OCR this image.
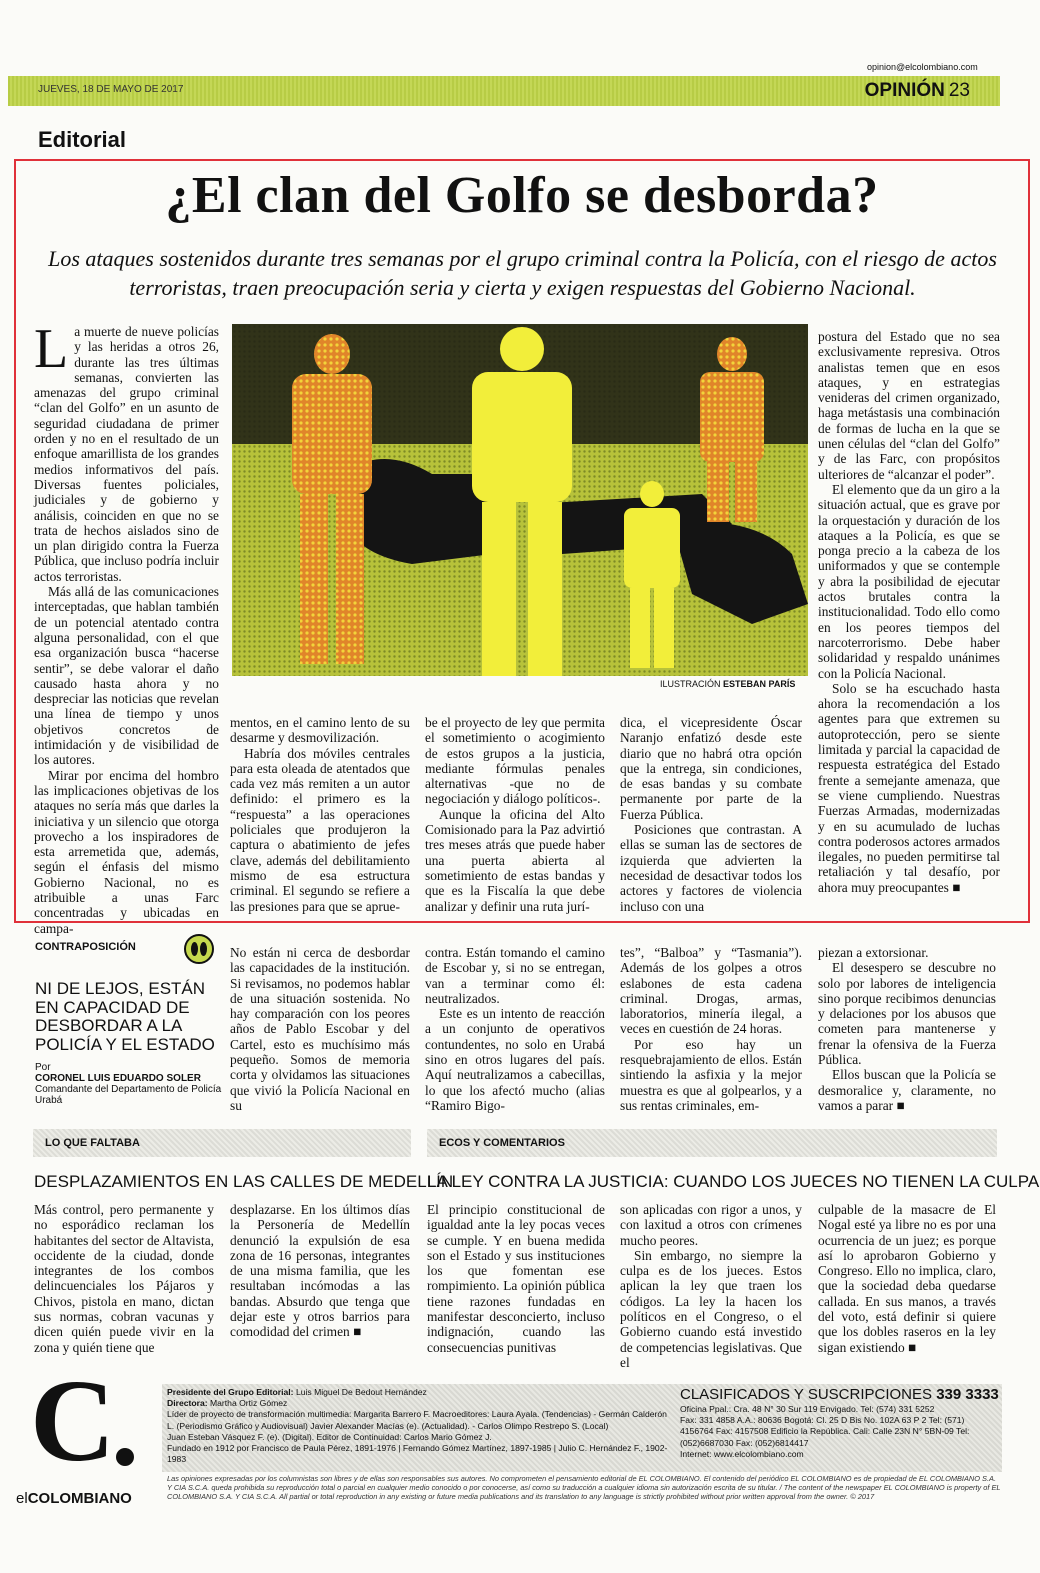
opinion@elcolombiano.com
JUEVES, 18 DE MAYO DE 2017	OPINIÓN 23
Editorial
¿El clan del Golfo se desborda?
Los ataques sostenidos durante tres semanas por el grupo criminal contra la Policía, con el riesgo de actos terroristas, traen preocupación seria y cierta y exigen respuestas del Gobierno Nacional.

La muerte de nueve policías y las heridas a otros 26, durante las tres últimas semanas, convierten las amenazas del grupo criminal “clan del Golfo” en un asunto de seguridad ciudadana de primer orden y no en el resultado de un enfoque amarillista de los grandes medios informativos del país. Diversas fuentes policiales, judiciales y de gobierno y análisis, coinciden en que no se trata de hechos aislados sino de un plan dirigido contra la Fuerza Pública, que incluso podría incluir actos terroristas.

Más allá de las comunicaciones interceptadas, que hablan también de un potencial atentado contra alguna personalidad, con el que esa organización busca “hacerse sentir”, se debe valorar el daño causado hasta ahora y no despreciar las noticias que revelan una línea de tiempo y unos objetivos concretos de intimidación y de visibilidad de los autores.

Mirar por encima del hombro las implicaciones objetivas de los ataques no sería más que darles la iniciativa y un silencio que otorga provecho a los inspiradores de esta arremetida que, además, según el énfasis del mismo Gobierno Nacional, no es atribuible a unas Farc concentradas y ubicadas en campa-

ILUSTRACIÓN ESTEBAN PARÍS

mentos, en el camino lento de su desarme y desmovilización.

Habría dos móviles centrales para esta oleada de atentados que cada vez más remiten a un autor definido: el primero es la “respuesta” a las operaciones policiales que produjeron la captura o abatimiento de jefes clave, además del debilitamiento mismo de esa estructura criminal. El segundo se refiere a las presiones para que se aprue-

be el proyecto de ley que permita el sometimiento o acogimiento de estos grupos a la justicia, mediante fórmulas penales alternativas -que no de negociación y diálogo políticos-.

Aunque la oficina del Alto Comisionado para la Paz advirtió tres meses atrás que puede haber una puerta abierta al sometimiento de estas bandas y que es la Fiscalía la que debe analizar y definir una ruta jurí-

dica, el vicepresidente Óscar Naranjo enfatizó desde este diario que no habrá otra opción que la entrega, sin condiciones, de esas bandas y su combate permanente por parte de la Fuerza Pública.

Posiciones que contrastan. A ellas se suman las de sectores de izquierda que advierten la necesidad de desactivar todos los actores y factores de violencia incluso con una

postura del Estado que no sea exclusivamente represiva. Otros analistas temen que en esos ataques, y en estrategias venideras del crimen organizado, haga metástasis una combinación de formas de lucha en la que se unen células del “clan del Golfo” y de las Farc, con propósitos ulteriores de “alcanzar el poder”.

El elemento que da un giro a la situación actual, que es grave por la orquestación y duración de los ataques a la Policía, es que se ponga precio a la cabeza de los uniformados y que se contemple y abra la posibilidad de ejecutar actos brutales contra la institucionalidad. Todo ello como en los peores tiempos del narcoterrorismo. Debe haber solidaridad y respaldo unánimes con la Policía Nacional.

Solo se ha escuchado hasta ahora la recomendación a los agentes para que extremen su autoprotección, pero se siente limitada y parcial la capacidad de respuesta estratégica del Estado frente a semejante amenaza, que se viene cumpliendo. Nuestras Fuerzas Armadas, modernizadas y en su acumulado de luchas contra poderosos actores armados ilegales, no pueden permitirse tal retaliación y tal desafío, por ahora muy preocupantes ■

CONTRAPOSICIÓN
NI DE LEJOS, ESTÁN EN CAPACIDAD DE DESBORDAR A LA POLICÍA Y EL ESTADO
Por
CORONEL LUIS EDUARDO SOLER
Comandante del Departamento de Policía Urabá

No están ni cerca de desbordar las capacidades de la institución. Si revisamos, no podemos hablar de una situación sostenida. No hay comparación con los peores años de Pablo Escobar y del Cartel, esto es muchísimo más pequeño. Somos de memoria corta y olvidamos las situaciones que vivió la Policía Nacional en su

contra. Están tomando el camino de Escobar y, si no se entregan, van a terminar como él: neutralizados.

Este es un intento de reacción a un conjunto de operativos contundentes, no solo en Urabá sino en otros lugares del país. Aquí neutralizamos a cabecillas, lo que los afectó mucho (alias “Ramiro Bigo-

tes”, “Balboa” y “Tasmania”). Además de los golpes a otros eslabones de esta cadena criminal. Drogas, armas, laboratorios, minería ilegal, a veces en cuestión de 24 horas.

Por eso hay un resquebrajamiento de ellos. Están sintiendo la asfixia y la mejor muestra es que al golpearlos, y a sus rentas criminales, em-

piezan a extorsionar.

El desespero se descubre no solo por labores de inteligencia sino porque recibimos denuncias y delaciones por los abusos que cometen para mantenerse y frenar la ofensiva de la Fuerza Pública.

Ellos buscan que la Policía se desmoralice y, claramente, no vamos a parar ■

LO QUE FALTABA
DESPLAZAMIENTOS EN LAS CALLES DE MEDELLÍN

Más control, pero permanente y no esporádico reclaman los habitantes del sector de Altavista, occidente de la ciudad, donde integrantes de los combos delincuenciales los Pájaros y Chivos, pistola en mano, dictan sus normas, cobran vacunas y dicen quién puede vivir en la zona y quién tiene que

desplazarse. En los últimos días la Personería de Medellín denunció la expulsión de esa zona de 16 personas, integrantes de una misma familia, que les resultaban incómodas a las bandas. Absurdo que tenga que dejar este y otros barrios para comodidad del crimen ■

ECOS Y COMENTARIOS
LA LEY CONTRA LA JUSTICIA: CUANDO LOS JUECES NO TIENEN LA CULPA

El principio constitucional de igualdad ante la ley pocas veces se cumple. Y en buena medida son el Estado y sus instituciones los que fomentan ese rompimiento. La opinión pública tiene razones fundadas en manifestar desconcierto, incluso indignación, cuando las consecuencias punitivas

son aplicadas con rigor a unos, y con laxitud a otros con crímenes mucho peores.

Sin embargo, no siempre la culpa es de los jueces. Estos aplican la ley que traen los códigos. La ley la hacen los políticos en el Congreso, o el Gobierno cuando está investido de competencias legislativas. Que el

culpable de la masacre de El Nogal esté ya libre no es por una ocurrencia de un juez; es porque así lo aprobaron Gobierno y Congreso. Ello no implica, claro, que la sociedad deba quedarse callada. En sus manos, a través del voto, está definir si quiere que los dobles raseros en la ley sigan existiendo ■

C
elCOLOMBIANO
Presidente del Grupo Editorial: Luis Miguel De Bedout Hernández
Directora: Martha Ortiz Gómez
Líder de proyecto de transformación multimedia: Margarita Barrero F. Macroeditores: Laura Ayala. (Tendencias) - Germán Calderón L. (Periodismo Gráfico y Audiovisual) Javier Alexander Macías (e). (Actualidad). - Carlos Olimpo Restrepo S. (Local)
Juan Esteban Vásquez F. (e). (Digital). Editor de Continuidad: Carlos Mario Gómez J.
Fundado en 1912 por Francisco de Paula Pérez, 1891-1976 | Fernando Gómez Martínez, 1897-1985 | Julio C. Hernández F., 1902-1983
CLASIFICADOS Y SUSCRIPCIONES 339 3333
Oficina Ppal.: Cra. 48 N° 30 Sur 119 Envigado. Tel: (574) 331 5252
Fax: 331 4858 A.A.: 80636 Bogotá: Cl. 25 D Bis No. 102A 63 P 2 Tel: (571)
4156764 Fax: 4157508 Edificio la República. Cali: Calle 23N N° 5BN-09 Tel:
(052)6687030 Fax: (052)6814417
Internet: www.elcolombiano.com
Las opiniones expresadas por los columnistas son libres y de ellas son responsables sus autores. No comprometen el pensamiento editorial de EL COLOMBIANO. El contenido del periódico EL COLOMBIANO es de propiedad de EL COLOMBIANO S.A. Y CIA S.C.A. queda prohibida su reproducción total o parcial en cualquier medio conocido o por conocerse, así como su traducción a cualquier idioma sin autorización escrita de su titular. / The content of the newspaper EL COLOMBIANO is property of EL COLOMBIANO S.A. Y CIA S.C.A. All partial or total reproduction in any existing or future media publications and its translation to any language is strictly prohibited without prior written approval from the owner. © 2017
